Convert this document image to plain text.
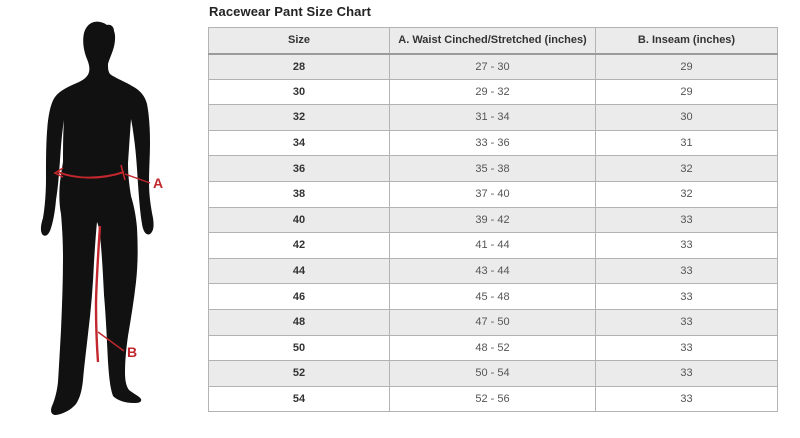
A
B
Racewear Pant Size Chart
Size	A. Waist Cinched/Stretched (inches)	B. Inseam (inches)
28	27 - 30	29
30	29 - 32	29
32	31 - 34	30
34	33 - 36	31
36	35 - 38	32
38	37 - 40	32
40	39 - 42	33
42	41 - 44	33
44	43 - 44	33
46	45 - 48	33
48	47 - 50	33
50	48 - 52	33
52	50 - 54	33
54	52 - 56	33
